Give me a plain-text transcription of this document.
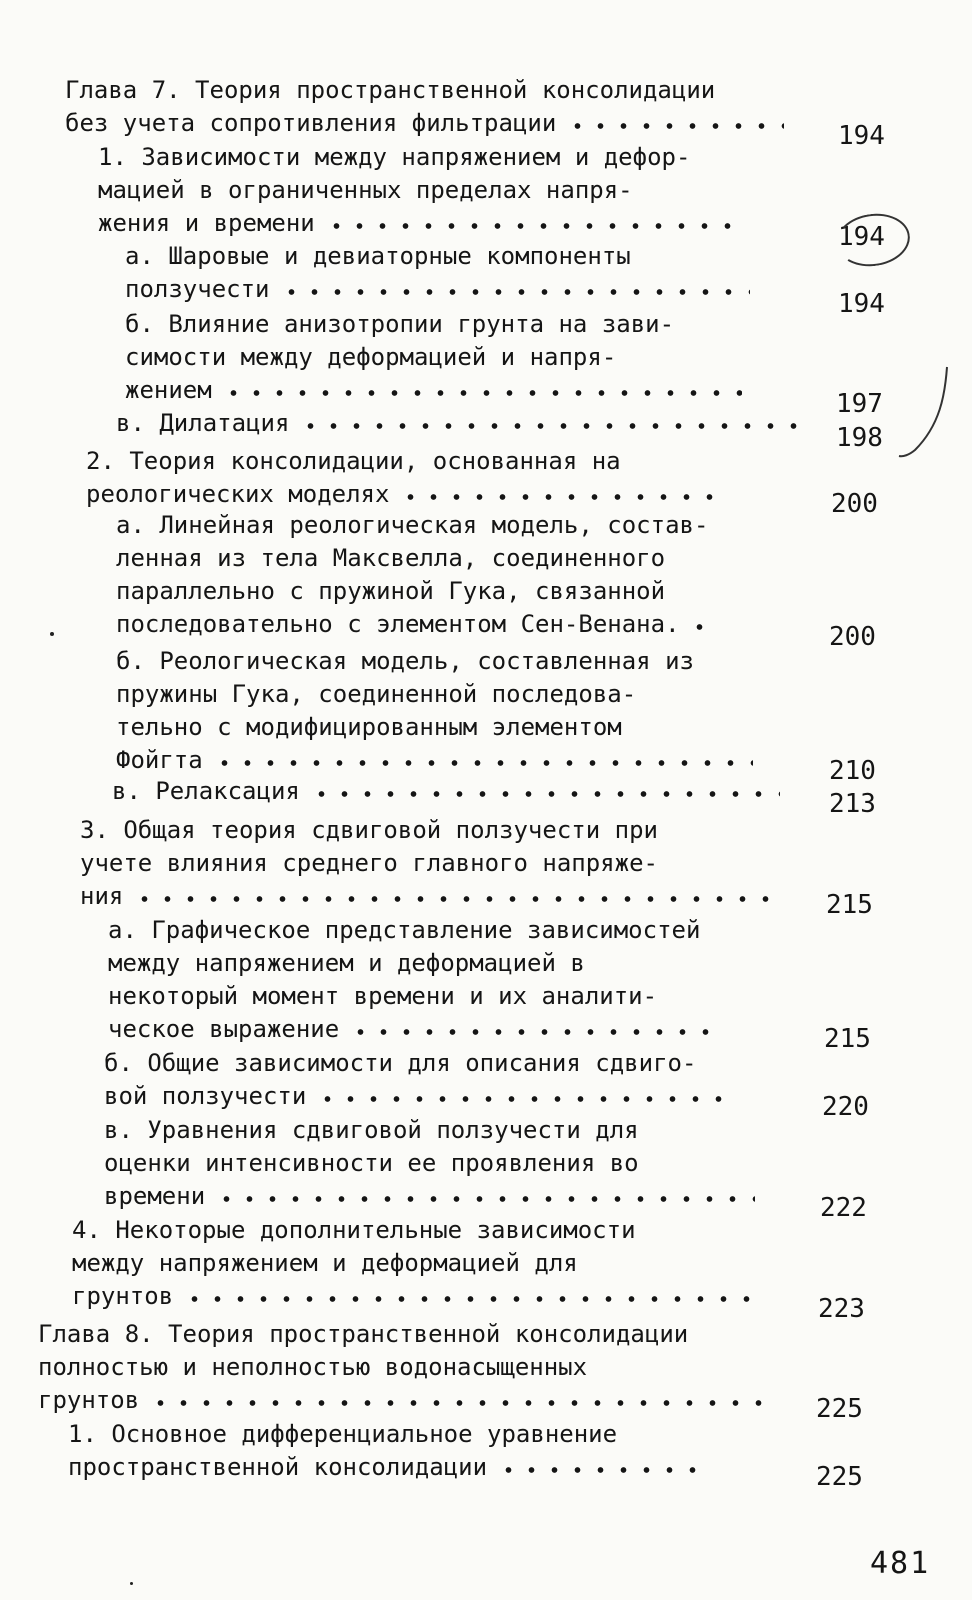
Глава 7. Теория пространственной консолидации
без учета сопротивления фильтрации	194
1. Зависимости между напряжением и дефор-
мацией в ограниченных пределах напря-
жения и времени	194
а. Шаровые и девиаторные компоненты
ползучести	194
б. Влияние анизотропии грунта на зави-
симости между деформацией и напря-
жением	197
в. Дилатация	198
2. Теория консолидации, основанная на
реологических моделях	200
а. Линейная реологическая модель, состав-
ленная из тела Максвелла, соединенного
параллельно с пружиной Гука, связанной
последовательно с элементом Сен-Венана.	200
б. Реологическая модель, составленная из
пружины Гука, соединенной последова-
тельно с модифицированным элементом
Фойгта	210
в. Релаксация	213
3. Общая теория сдвиговой ползучести при
учете влияния среднего главного напряже-
ния	215
а. Графическое представление зависимостей
между напряжением и деформацией в
некоторый момент времени и их аналити-
ческое выражение	215
б. Общие зависимости для описания сдвиго-
вой ползучести	220
в. Уравнения сдвиговой ползучести для
оценки интенсивности ее проявления во
времени	222
4. Некоторые дополнительные зависимости
между напряжением и деформацией для
грунтов	223
Глава 8. Теория пространственной консолидации
полностью и неполностью водонасыщенных
грунтов	225
1. Основное дифференциальное уравнение
пространственной консолидации	225
481
